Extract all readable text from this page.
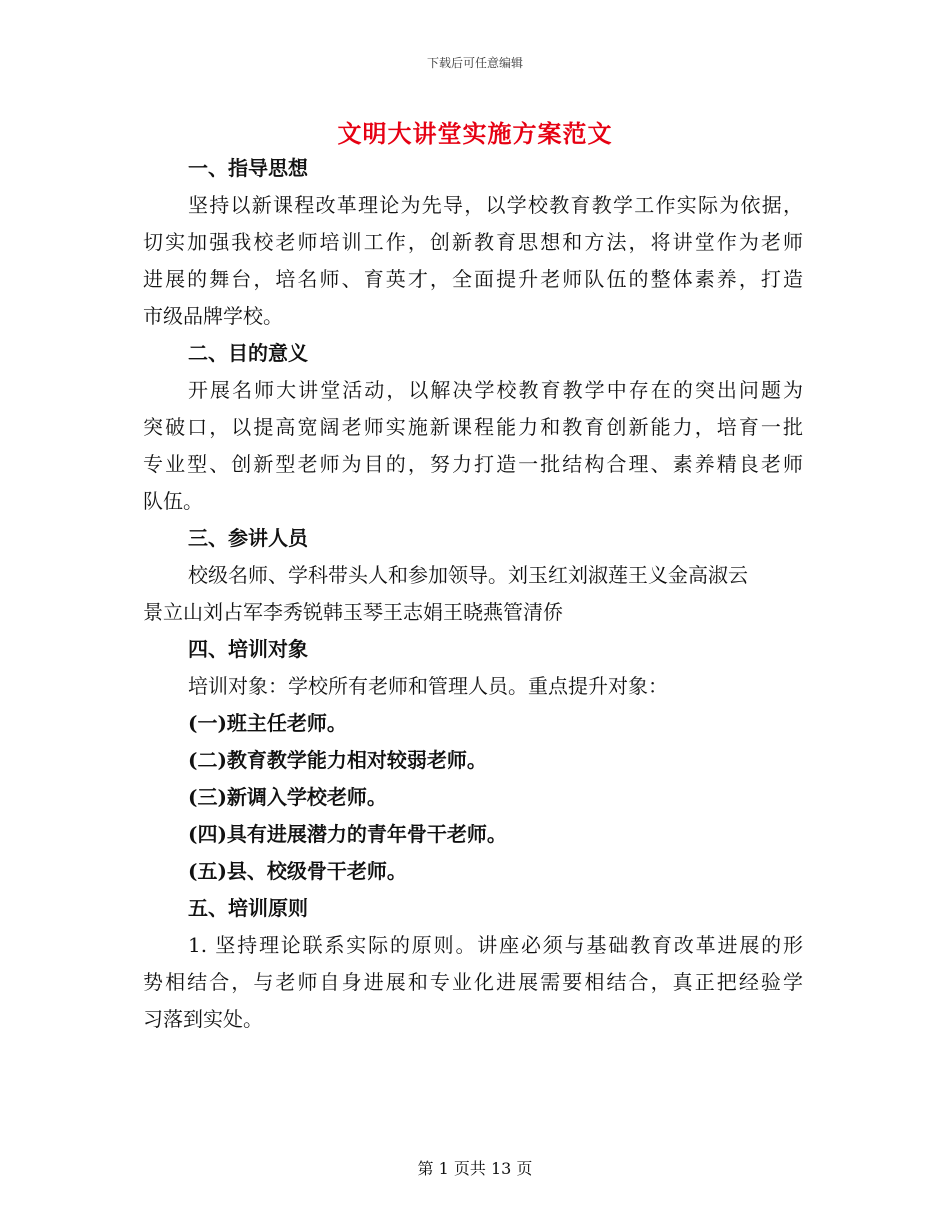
下载后可任意编辑
文明大讲堂实施方案范文
一、指导思想
坚持以新课程改革理论为先导，以学校教育教学工作实际为依据，
切实加强我校老师培训工作，创新教育思想和方法，将讲堂作为老师
进展的舞台，培名师、育英才，全面提升老师队伍的整体素养，打造
市级品牌学校。
二、目的意义
开展名师大讲堂活动，以解决学校教育教学中存在的突出问题为
突破口，以提高宽阔老师实施新课程能力和教育创新能力，培育一批
专业型、创新型老师为目的，努力打造一批结构合理、素养精良老师
队伍。
三、参讲人员
校级名师、学科带头人和参加领导。刘玉红刘淑莲王义金高淑云
景立山刘占军李秀锐韩玉琴王志娟王晓燕管清侨
四、培训对象
培训对象：学校所有老师和管理人员。重点提升对象：
(一)班主任老师。
(二)教育教学能力相对较弱老师。
(三)新调入学校老师。
(四)具有进展潜力的青年骨干老师。
(五)县、校级骨干老师。
五、培训原则
1. 坚持理论联系实际的原则。讲座必须与基础教育改革进展的形
势相结合，与老师自身进展和专业化进展需要相结合，真正把经验学
习落到实处。
第 1 页共 13 页
